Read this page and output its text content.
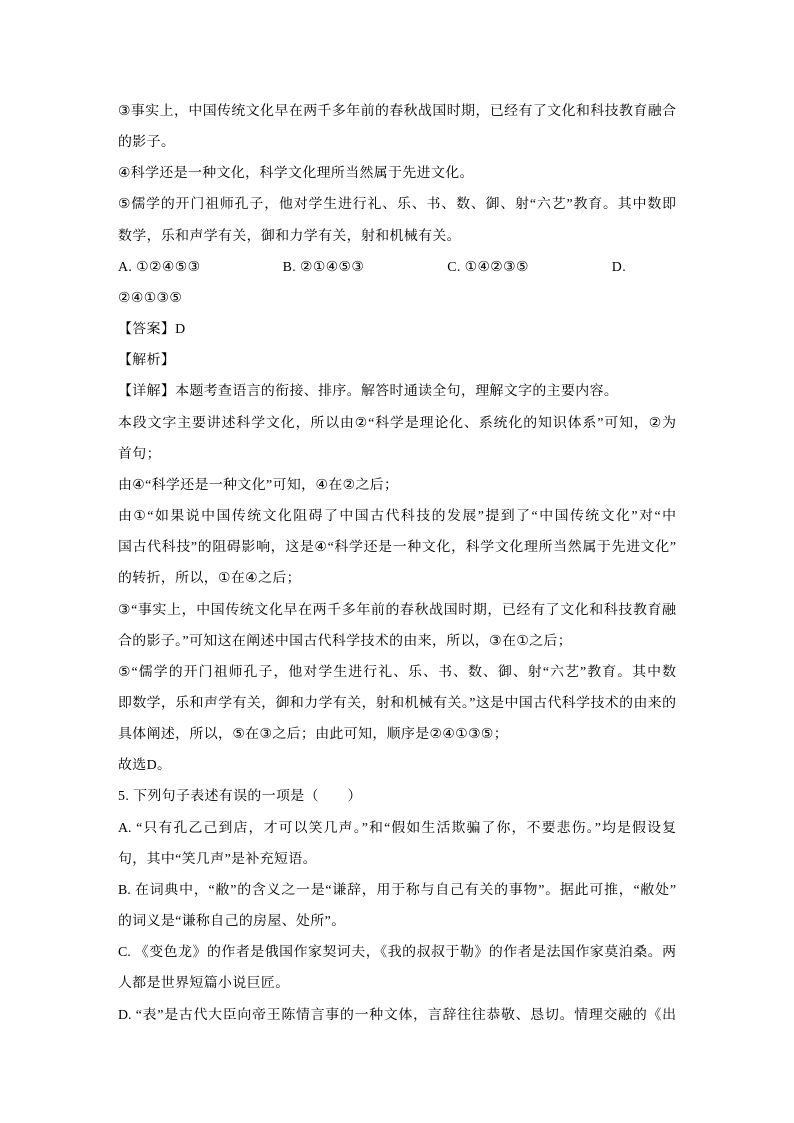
③事实上，中国传统文化早在两千多年前的春秋战国时期，已经有了文化和科技教育融合
的影子。
④科学还是一种文化，科学文化理所当然属于先进文化。
⑤儒学的开门祖师孔子，他对学生进行礼、乐、书、数、御、射“六艺”教育。其中数即
数学，乐和声学有关，御和力学有关，射和机械有关。
A. ①②④⑤③	B. ②①④⑤③	C. ①④②③⑤	D.
②④①③⑤
【答案】D
【解析】
【详解】本题考查语言的衔接、排序。解答时通读全句，理解文字的主要内容。
本段文字主要讲述科学文化，所以由②“科学是理论化、系统化的知识体系”可知，②为
首句；
由④“科学还是一种文化”可知，④在②之后；
由①“如果说中国传统文化阻碍了中国古代科技的发展”提到了“中国传统文化”对“中
国古代科技”的阻碍影响，这是④“科学还是一种文化，科学文化理所当然属于先进文化”
的转折，所以，①在④之后；
③“事实上，中国传统文化早在两千多年前的春秋战国时期，已经有了文化和科技教育融
合的影子。”可知这在阐述中国古代科学技术的由来，所以，③在①之后；
⑤“儒学的开门祖师孔子，他对学生进行礼、乐、书、数、御、射“六艺”教育。其中数
即数学，乐和声学有关，御和力学有关，射和机械有关。”这是中国古代科学技术的由来的
具体阐述，所以，⑤在③之后；由此可知，顺序是②④①③⑤；
故选D。
5. 下列句子表述有误的一项是（　　）
A. “只有孔乙己到店，才可以笑几声。”和“假如生活欺骗了你，不要悲伤。”均是假设复
句，其中“笑几声”是补充短语。
B. 在词典中，“敝”的含义之一是“谦辞，用于称与自己有关的事物”。据此可推，“敝处”
的词义是“谦称自己的房屋、处所”。
C. 《变色龙》的作者是俄国作家契诃夫，《我的叔叔于勒》的作者是法国作家莫泊桑。两
人都是世界短篇小说巨匠。
D. “表”是古代大臣向帝王陈情言事的一种文体，言辞往往恭敬、恳切。情理交融的《出
